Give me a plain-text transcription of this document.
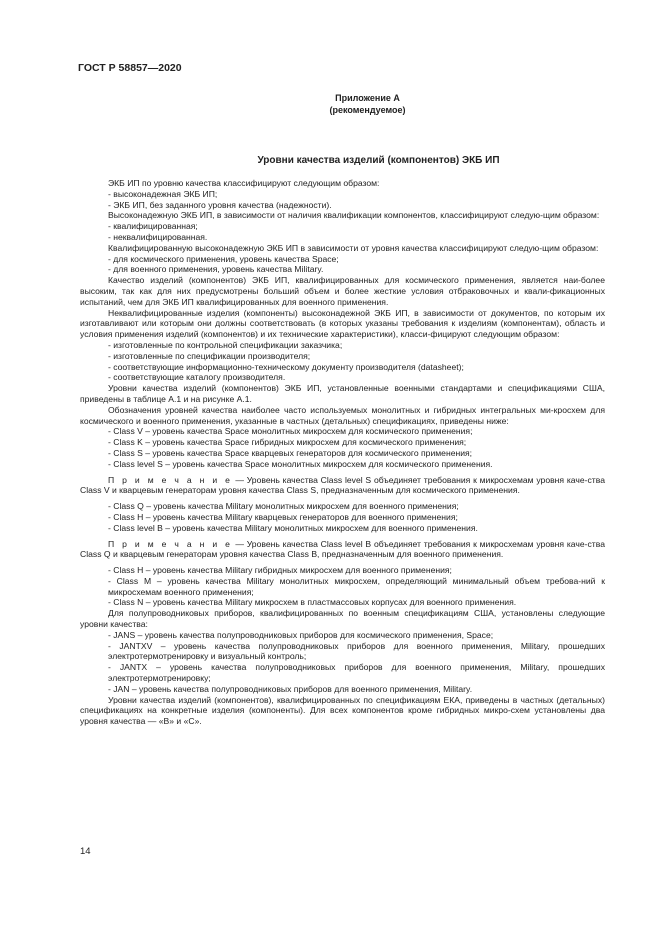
ГОСТ Р 58857—2020
Приложение А
(рекомендуемое)
Уровни качества изделий (компонентов) ЭКБ ИП

ЭКБ ИП по уровню качества классифицируют следующим образом:

- высоконадежная ЭКБ ИП;

- ЭКБ ИП, без заданного уровня качества (надежности).

Высоконадежную ЭКБ ИП, в зависимости от наличия квалификации компонентов, классифицируют следую-щим образом:

- квалифицированная;

- неквалифицированная.

Квалифицированную высоконадежную ЭКБ ИП в зависимости от уровня качества классифицируют следую-щим образом:

- для космического применения, уровень качества Space;

- для военного применения, уровень качества Military.

Качество изделий (компонентов) ЭКБ ИП, квалифицированных для космического применения, является наи-более высоким, так как для них предусмотрены больший объем и более жесткие условия отбраковочных и квали-фикационных испытаний, чем для ЭКБ ИП квалифицированных для военного применения.

Неквалифицированные изделия (компоненты) высоконадежной ЭКБ ИП, в зависимости от документов, по которым их изготавливают или которым они должны соответствовать (в которых указаны требования к изделиям (компонентам), область и условия применения изделий (компонентов) и их технические характеристики), класси-фицируют следующим образом:

- изготовленные по контрольной спецификации заказчика;

- изготовленные по спецификации производителя;

- соответствующие информационно-техническому документу производителя (datasheet);

- соответствующие каталогу производителя.

Уровни качества изделий (компонентов) ЭКБ ИП, установленные военными стандартами и спецификациями США, приведены в таблице А.1 и на рисунке А.1.

Обозначения уровней качества наиболее часто используемых монолитных и гибридных интегральных ми-кросхем для космического и военного применения, указанные в частных (детальных) спецификациях, приведены ниже:

- Class V – уровень качества Space монолитных микросхем для космического применения;

- Class K – уровень качества Space гибридных микросхем для космического применения;

- Class S – уровень качества Space кварцевых генераторов для космического применения;

- Class level S – уровень качества Space монолитных микросхем для космического применения.

П р и м е ч а н и е — Уровень качества Class level S объединяет требования к микросхемам уровня каче-ства Class V и кварцевым генераторам уровня качества Class S, предназначенным для космического применения.

- Class Q – уровень качества Military монолитных микросхем для военного применения;

- Class H – уровень качества Military кварцевых генераторов для военного применения;

- Class level B – уровень качества Military монолитных микросхем для военного применения.

П р и м е ч а н и е — Уровень качества Class level B объединяет требования к микросхемам уровня каче-ства Class Q и кварцевым генераторам уровня качества Class B, предназначенным для военного применения.

- Class H – уровень качества Military гибридных микросхем для военного применения;

- Class M – уровень качества Military монолитных микросхем, определяющий минимальный объем требова-ний к микросхемам военного применения;

- Class N – уровень качества Military микросхем в пластмассовых корпусах для военного применения.

Для полупроводниковых приборов, квалифицированных по военным спецификациям США, установлены следующие уровни качества:

- JANS – уровень качества полупроводниковых приборов для космического применения, Space;

- JANTXV – уровень качества полупроводниковых приборов для военного применения, Military, прошедших электротермотренировку и визуальный контроль;

- JANTX – уровень качества полупроводниковых приборов для военного применения, Military, прошедших электротермотренировку;

- JAN – уровень качества полупроводниковых приборов для военного применения, Military.

Уровни качества изделий (компонентов), квалифицированных по спецификациям ЕКА, приведены в частных (детальных) спецификациях на конкретные изделия (компоненты). Для всех компонентов кроме гибридных микро-схем установлены два уровня качества — «В» и «С».

14
